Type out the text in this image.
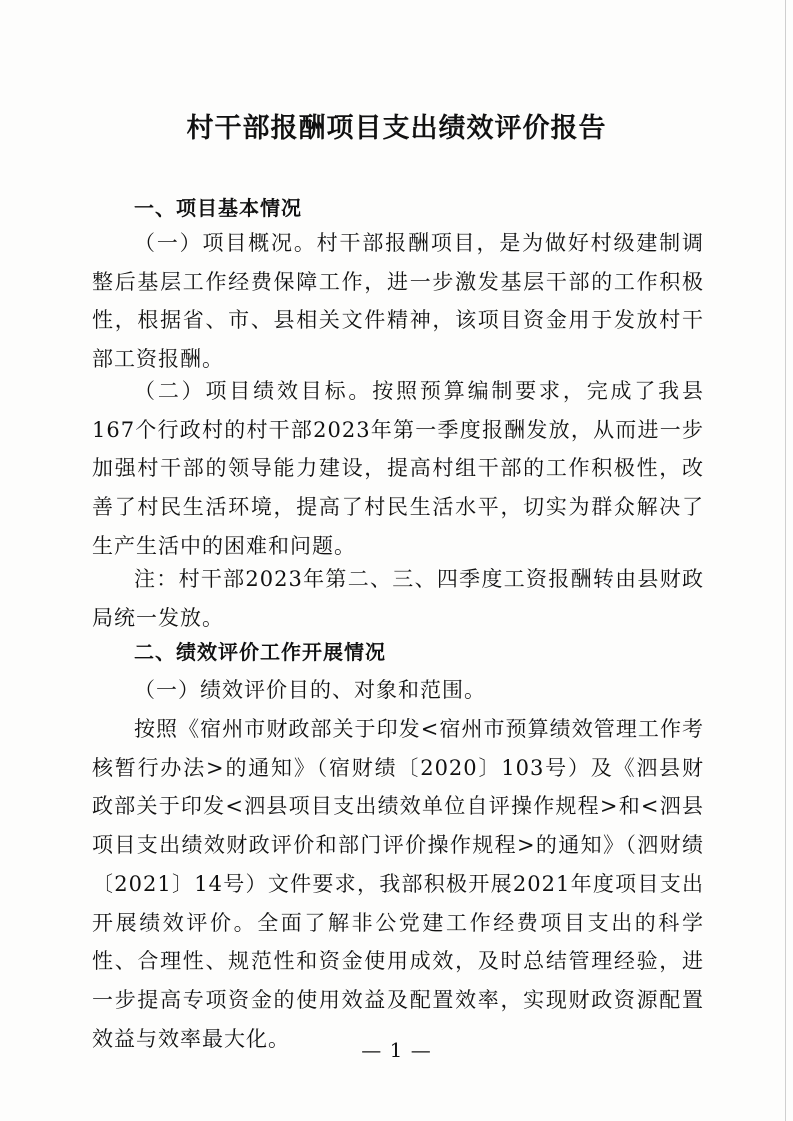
村干部报酬项目支出绩效评价报告

一、项目基本情况

（一）项目概况。村干部报酬项目，是为做好村级建制调整后基层工作经费保障工作，进一步激发基层干部的工作积极性，根据省、市、县相关文件精神，该项目资金用于发放村干部工资报酬。

（二）项目绩效目标。按照预算编制要求，完成了我县167个行政村的村干部2023年第一季度报酬发放，从而进一步加强村干部的领导能力建设，提高村组干部的工作积极性，改善了村民生活环境，提高了村民生活水平，切实为群众解决了生产生活中的困难和问题。

注：村干部2023年第二、三、四季度工资报酬转由县财政局统一发放。

二、绩效评价工作开展情况

（一）绩效评价目的、对象和范围。

按照《宿州市财政部关于印发<宿州市预算绩效管理工作考核暂行办法>的通知》（宿财绩〔2020〕103号）及《泗县财政部关于印发<泗县项目支出绩效单位自评操作规程>和<泗县项目支出绩效财政评价和部门评价操作规程>的通知》（泗财绩〔2021〕14号）文件要求，我部积极开展2021年度项目支出开展绩效评价。全面了解非公党建工作经费项目支出的科学性、合理性、规范性和资金使用成效，及时总结管理经验，进一步提高专项资金的使用效益及配置效率，实现财政资源配置效益与效率最大化。	— 1 —
